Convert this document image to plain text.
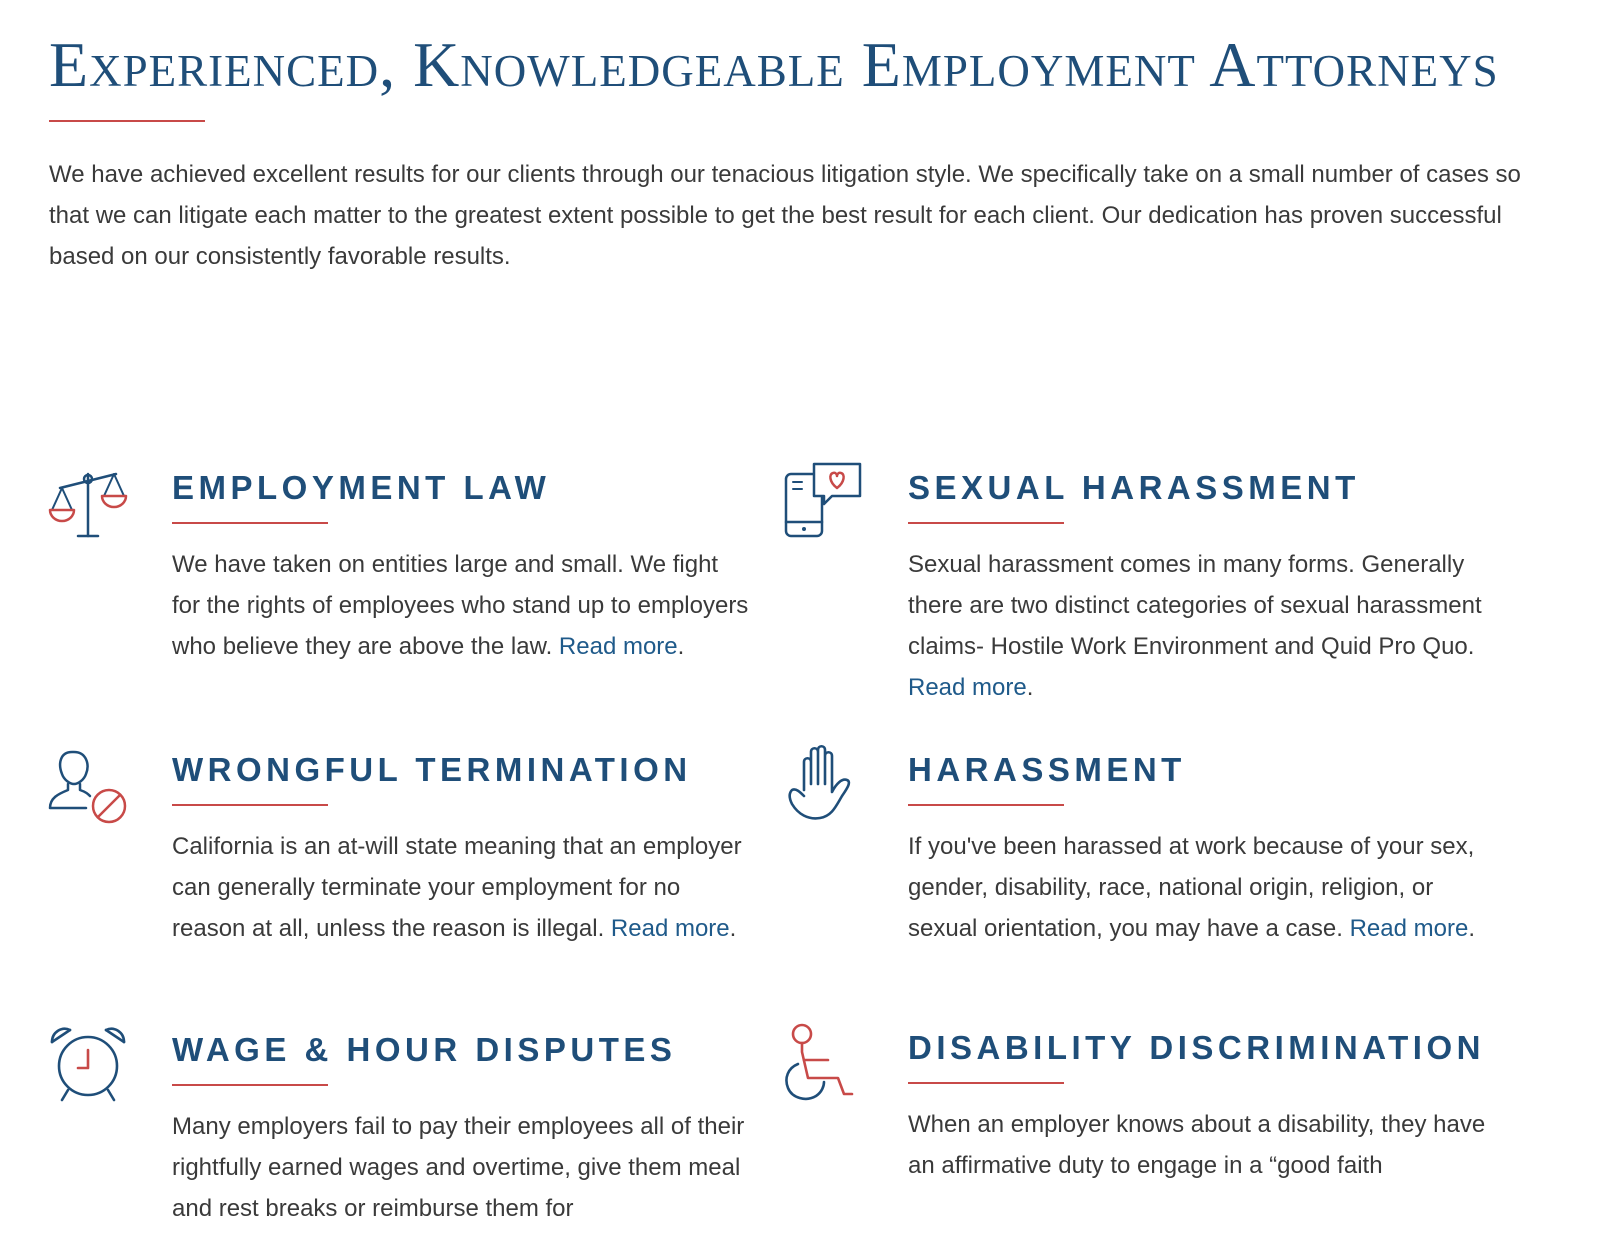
Experienced, Knowledgeable Employment Attorneys

We have achieved excellent results for our clients through our tenacious litigation style. We specifically take on a small number of cases so that we can litigate each matter to the greatest extent possible to get the best result for each client. Our dedication has proven successful based on our consistently favorable results.

EMPLOYMENT LAW

We have taken on entities large and small. We fight for the rights of employees who stand up to employers who believe they are above the law. Read more.

SEXUAL HARASSMENT

Sexual harassment comes in many forms. Generally there are two distinct categories of sexual harassment claims- Hostile Work Environment and Quid Pro Quo. Read more.

WRONGFUL TERMINATION

California is an at-will state meaning that an employer can generally terminate your employment for no reason at all, unless the reason is illegal. Read more.

HARASSMENT

If you've been harassed at work because of your sex, gender, disability, race, national origin, religion, or sexual orientation, you may have a case. Read more.

WAGE & HOUR DISPUTES

Many employers fail to pay their employees all of their rightfully earned wages and overtime, give them meal and rest breaks or reimburse them for

DISABILITY DISCRIMINATION

When an employer knows about a disability, they have an affirmative duty to engage in a “good faith
